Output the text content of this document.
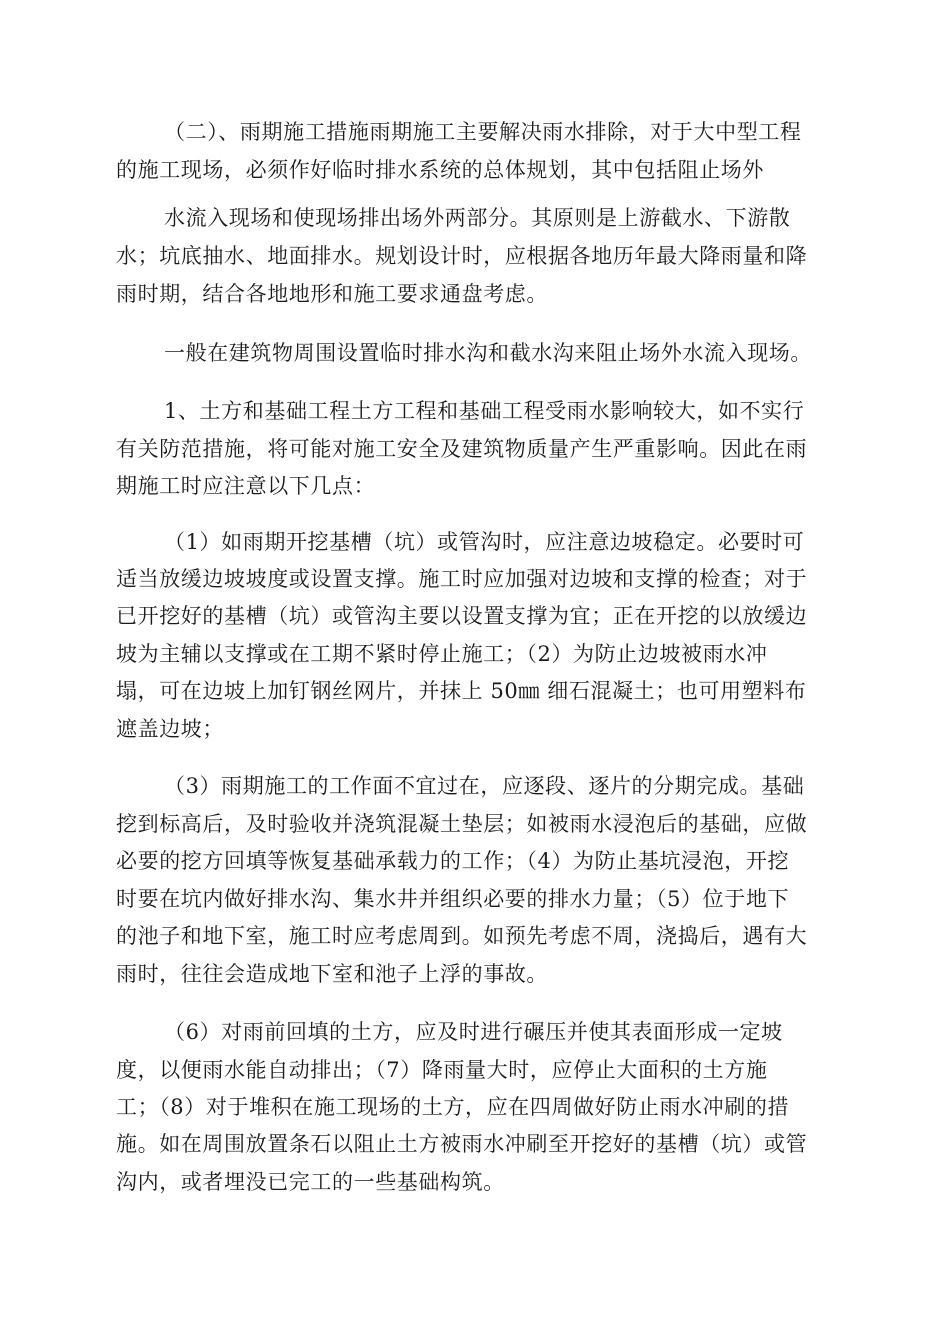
（二）、雨期施工措施雨期施工主要解决雨水排除，对于大中型工程

的施工现场，必须作好临时排水系统的总体规划，其中包括阻止场外

水流入现场和使现场排出场外两部分。其原则是上游截水、下游散

水；坑底抽水、地面排水。规划设计时，应根据各地历年最大降雨量和降

雨时期，结合各地地形和施工要求通盘考虑。

一般在建筑物周围设置临时排水沟和截水沟来阻止场外水流入现场。

1、土方和基础工程土方工程和基础工程受雨水影响较大，如不实行

有关防范措施，将可能对施工安全及建筑物质量产生严重影响。因此在雨

期施工时应注意以下几点：

（1）如雨期开挖基槽（坑）或管沟时，应注意边坡稳定。必要时可

适当放缓边坡坡度或设置支撑。施工时应加强对边坡和支撑的检查；对于

已开挖好的基槽（坑）或管沟主要以设置支撑为宜；正在开挖的以放缓边

坡为主辅以支撑或在工期不紧时停止施工；（2）为防止边坡被雨水冲

塌，可在边坡上加钉钢丝网片，并抹上 50㎜ 细石混凝土；也可用塑料布

遮盖边坡；

（3）雨期施工的工作面不宜过在，应逐段、逐片的分期完成。基础

挖到标高后，及时验收并浇筑混凝土垫层；如被雨水浸泡后的基础，应做

必要的挖方回填等恢复基础承载力的工作；（4）为防止基坑浸泡，开挖

时要在坑内做好排水沟、集水井并组织必要的排水力量；（5）位于地下

的池子和地下室，施工时应考虑周到。如预先考虑不周，浇捣后，遇有大

雨时，往往会造成地下室和池子上浮的事故。

（6）对雨前回填的土方，应及时进行碾压并使其表面形成一定坡

度，以便雨水能自动排出；（7）降雨量大时，应停止大面积的土方施

工；（8）对于堆积在施工现场的土方，应在四周做好防止雨水冲刷的措

施。如在周围放置条石以阻止土方被雨水冲刷至开挖好的基槽（坑）或管

沟内，或者埋没已完工的一些基础构筑。
